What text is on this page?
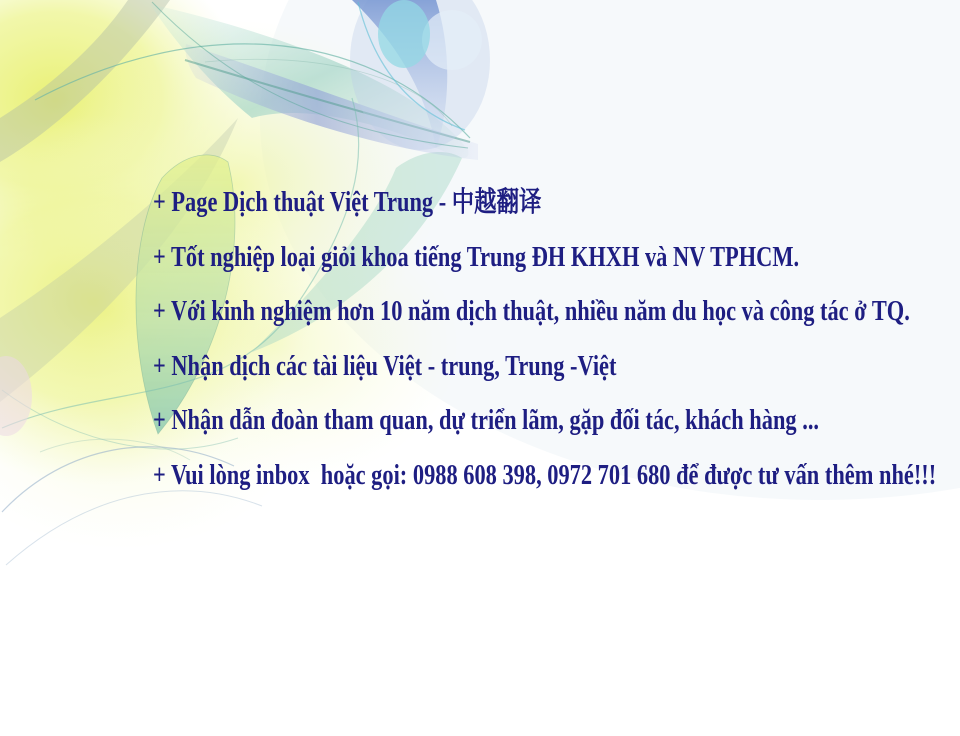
+ Page Dịch thuật Việt Trung - 中越翻译
+ Tốt nghiệp loại giỏi khoa tiếng Trung ĐH KHXH và NV TPHCM.
+ Với kinh nghiệm hơn 10 năm dịch thuật, nhiều năm du học và công tác ở TQ.
+ Nhận dịch các tài liệu Việt - trung, Trung -Việt
+ Nhận dẫn đoàn tham quan, dự triển lãm, gặp đối tác, khách hàng ...
+ Vui lòng inbox  hoặc gọi: 0988 608 398, 0972 701 680 để được tư vấn thêm nhé!!!
